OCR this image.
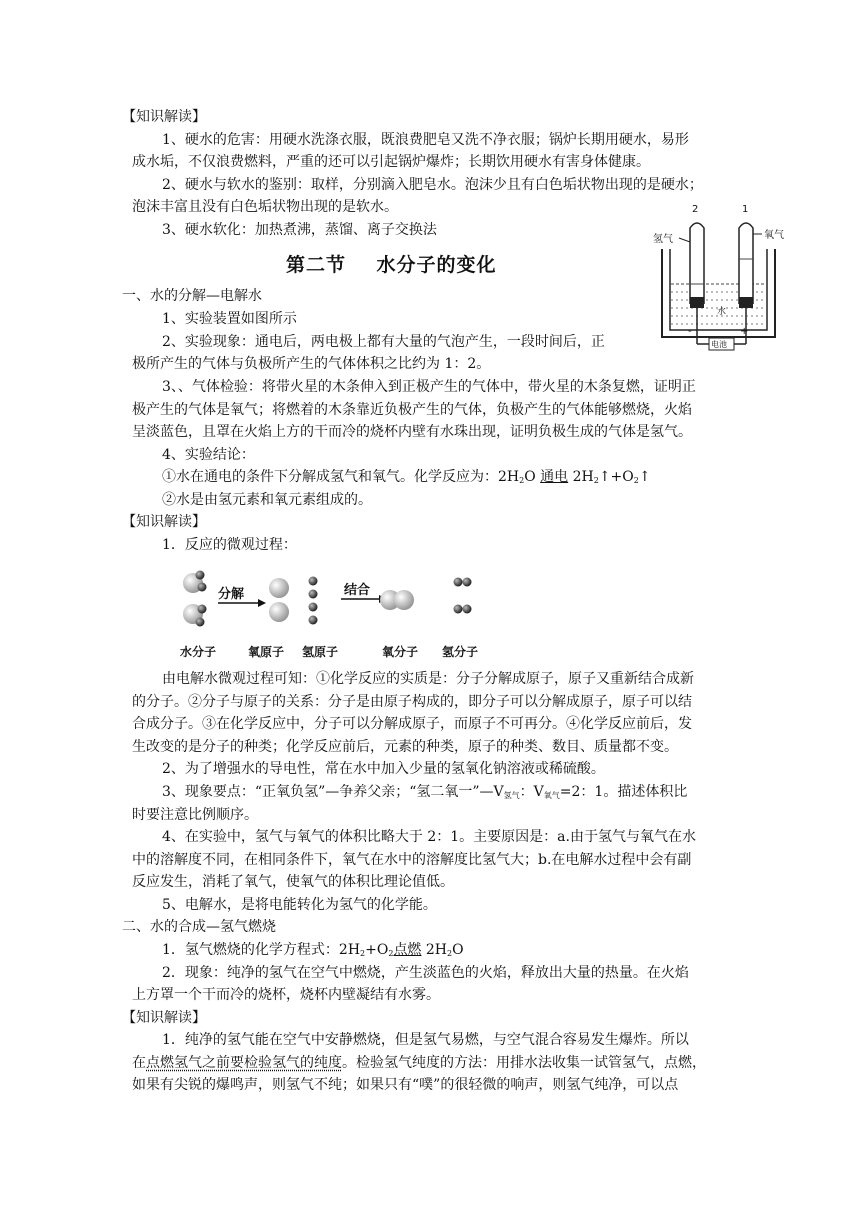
【知识解读】
1、硬水的危害：用硬水洗涤衣服，既浪费肥皂又洗不净衣服；锅炉长期用硬水，易形
成水垢，不仅浪费燃料，严重的还可以引起锅炉爆炸；长期饮用硬水有害身体健康。
2、硬水与软水的鉴别：取样，分别滴入肥皂水。泡沫少且有白色垢状物出现的是硬水；
泡沫丰富且没有白色垢状物出现的是软水。
3、硬水软化：加热煮沸，蒸馏、离子交换法
第二节    水分子的变化
一、水的分解—电解水
1、实验装置如图所示
2、实验现象：通电后，两电极上都有大量的气泡产生，一段时间后，正
极所产生的气体与负极所产生的气体体积之比约为 1：2。
3、、气体检验：将带火星的木条伸入到正极产生的气体中，带火星的木条复燃，证明正
极产生的气体是氧气；将燃着的木条靠近负极产生的气体，负极产生的气体能够燃烧，火焰
呈淡蓝色，且罩在火焰上方的干而冷的烧杯内壁有水珠出现，证明负极生成的气体是氢气。
4、实验结论：
①水在通电的条件下分解成氢气和氧气。化学反应为：$2H_2O$ 通电 $2H_2↑+O_2↑$
②水是由氢元素和氧元素组成的。
【知识解读】
1．反应的微观过程：
分解	结合
水分子	氧原子 氢原子	氧分子 氢分子
由电解水微观过程可知：①化学反应的实质是：分子分解成原子，原子又重新结合成新
的分子。②分子与原子的关系：分子是由原子构成的，即分子可以分解成原子，原子可以结
合成分子。③在化学反应中，分子可以分解成原子，而原子不可再分。④化学反应前后，发
生改变的是分子的种类；化学反应前后，元素的种类，原子的种类、数目、质量都不变。
2、为了增强水的导电性，常在水中加入少量的氢氧化钠溶液或稀硫酸。
3、现象要点：“正氧负氢”—争养父亲；“氢二氧一$”—V_{氢气}$：$V_{氧气}=2$：1。描述体积比
时要注意比例顺序。
4、在实验中，氢气与氧气的体积比略大于 2：1。主要原因是：a.由于氢气与氧气在水
中的溶解度不同，在相同条件下，氧气在水中的溶解度比氢气大；b.在电解水过程中会有副
反应发生，消耗了氧气，使氧气的体积比理论值低。
5、电解水，是将电能转化为氢气的化学能。
二、水的合成—氢气燃烧
1．氢气燃烧的化学方程式：$2H_2+O_2$点燃 $2H_2O$
2．现象：纯净的氢气在空气中燃烧，产生淡蓝色的火焰，释放出大量的热量。在火焰
上方罩一个干而冷的烧杯，烧杯内壁凝结有水雾。
【知识解读】
1．纯净的氢气能在空气中安静燃烧，但是氢气易燃，与空气混合容易发生爆炸。所以
在点燃氢气之前要检验氢气的纯度。检验氢气纯度的方法：用排水法收集一试管氢气，点燃，
如果有尖锐的爆鸣声，则氢气不纯；如果只有“噗”的很轻微的响声，则氢气纯净，可以点
2	1
氢气	氧气
水
-	+
电池
